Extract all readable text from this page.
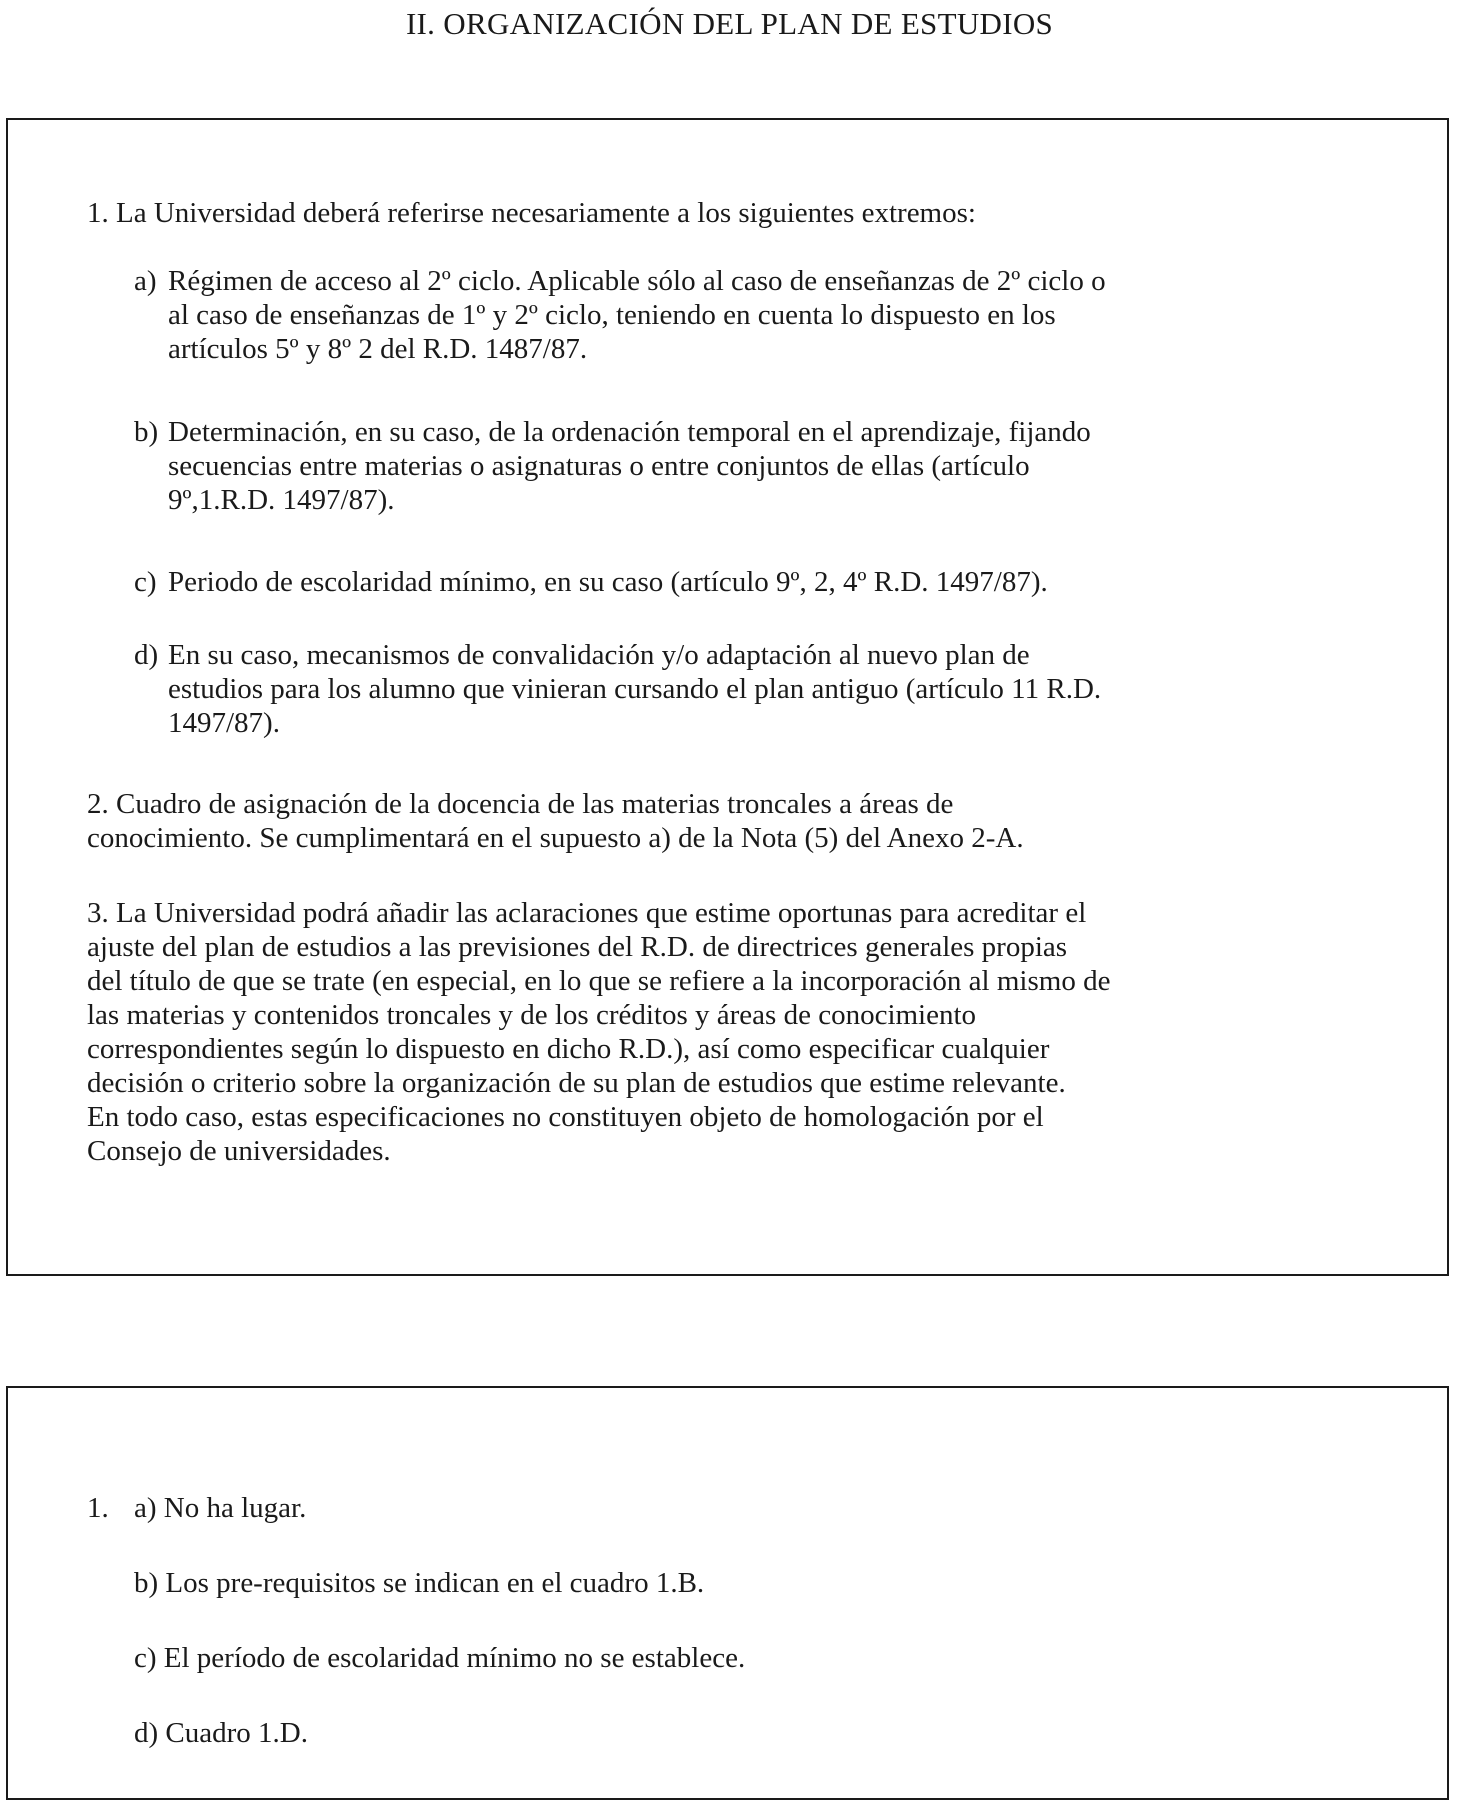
II. ORGANIZACIÓN DEL PLAN DE ESTUDIOS
1. La Universidad deberá referirse necesariamente a los siguientes extremos:
a) Régimen de acceso al 2º ciclo. Aplicable sólo al caso de enseñanzas de 2º ciclo o
al caso de enseñanzas de 1º y 2º ciclo, teniendo en cuenta lo dispuesto en los
artículos 5º y 8º 2 del R.D. 1487/87.
b) Determinación, en su caso, de la ordenación temporal en el aprendizaje, fijando
secuencias entre materias o asignaturas o entre conjuntos de ellas (artículo
9º,1.R.D. 1497/87).
c) Periodo de escolaridad mínimo, en su caso (artículo 9º, 2, 4º R.D. 1497/87).
d) En su caso, mecanismos de convalidación y/o adaptación al nuevo plan de
estudios para los alumno que vinieran cursando el plan antiguo (artículo 11 R.D.
1497/87).
2. Cuadro de asignación de la docencia de las materias troncales a áreas de
conocimiento. Se cumplimentará en el supuesto a) de la Nota (5) del Anexo 2-A.
3. La Universidad podrá añadir las aclaraciones que estime oportunas para acreditar el
ajuste del plan de estudios a las previsiones del R.D. de directrices generales propias
del título de que se trate (en especial, en lo que se refiere a la incorporación al mismo de
las materias y contenidos troncales y de los créditos y áreas de conocimiento
correspondientes según lo dispuesto en dicho R.D.), así como especificar cualquier
decisión o criterio sobre la organización de su plan de estudios que estime relevante.
En todo caso, estas especificaciones no constituyen objeto de homologación por el
Consejo de universidades.
1. a) No ha lugar.
b) Los pre-requisitos se indican en el cuadro 1.B.
c) El período de escolaridad mínimo no se establece.
d) Cuadro 1.D.
